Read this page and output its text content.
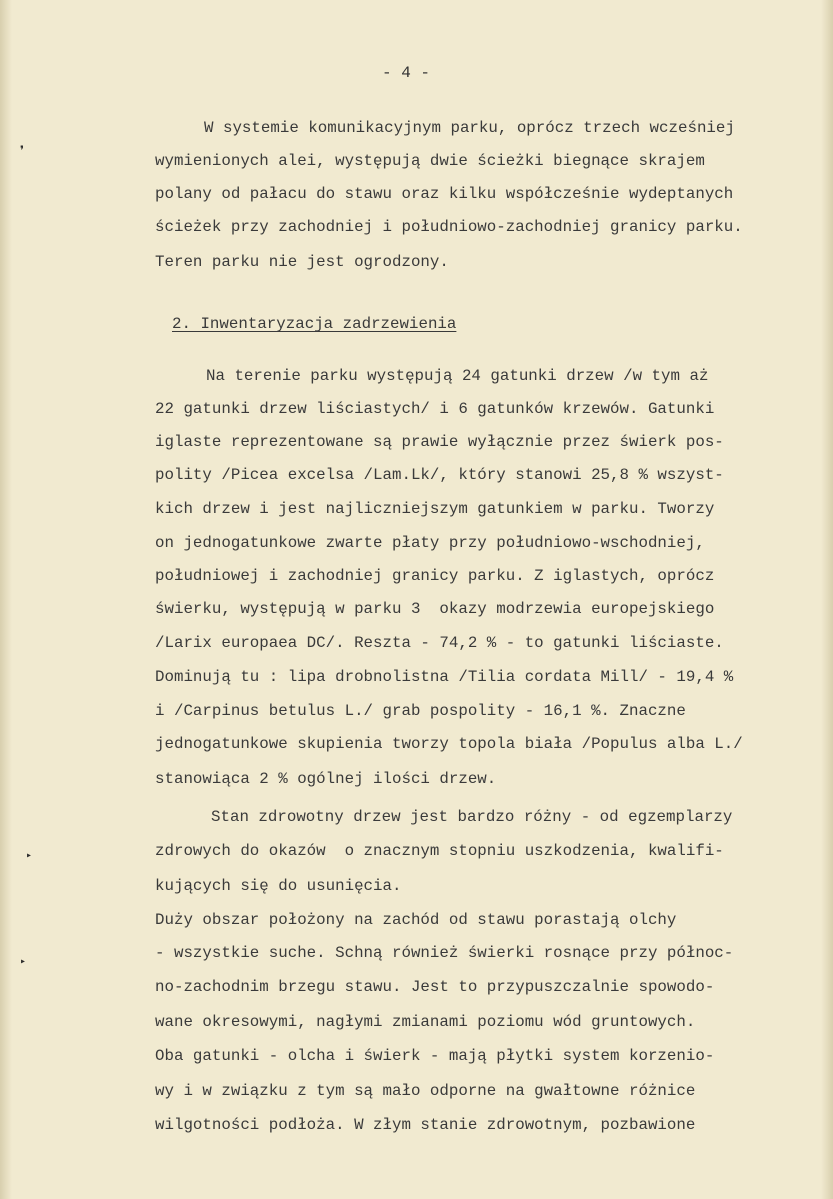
❜
▸
▸
- 4 -
W systemie komunikacyjnym parku, oprócz trzech wcześniej
wymienionych alei, występują dwie ścieżki biegnące skrajem
polany od pałacu do stawu oraz kilku współcześnie wydeptanych
ścieżek przy zachodniej i południowo-zachodniej granicy parku.
Teren parku nie jest ogrodzony.
2. Inwentaryzacja zadrzewienia
Na terenie parku występują 24 gatunki drzew /w tym aż
22 gatunki drzew liściastych/ i 6 gatunków krzewów. Gatunki
iglaste reprezentowane są prawie wyłącznie przez świerk pos-
polity /Picea excelsa /Lam.Lk/, który stanowi 25,8 % wszyst-
kich drzew i jest najliczniejszym gatunkiem w parku. Tworzy
on jednogatunkowe zwarte płaty przy południowo-wschodniej,
południowej i zachodniej granicy parku. Z iglastych, oprócz
świerku, występują w parku 3  okazy modrzewia europejskiego
/Larix europaea DC/. Reszta - 74,2 % - to gatunki liściaste.
Dominują tu : lipa drobnolistna /Tilia cordata Mill/ - 19,4 %
i /Carpinus betulus L./ grab pospolity - 16,1 %. Znaczne
jednogatunkowe skupienia tworzy topola biała /Populus alba L./
stanowiąca 2 % ogólnej ilości drzew.
Stan zdrowotny drzew jest bardzo różny - od egzemplarzy
zdrowych do okazów  o znacznym stopniu uszkodzenia, kwalifi-
kujących się do usunięcia.
Duży obszar położony na zachód od stawu porastają olchy
- wszystkie suche. Schną również świerki rosnące przy północ-
no-zachodnim brzegu stawu. Jest to przypuszczalnie spowodo-
wane okresowymi, nagłymi zmianami poziomu wód gruntowych.
Oba gatunki - olcha i świerk - mają płytki system korzenio-
wy i w związku z tym są mało odporne na gwałtowne różnice
wilgotności podłoża. W złym stanie zdrowotnym, pozbawione
